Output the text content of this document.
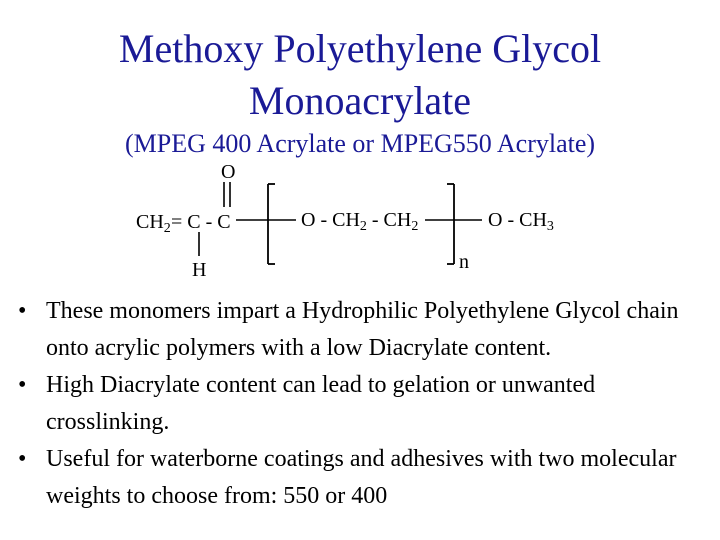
Methoxy Polyethylene Glycol
Monoacrylate
(MPEG 400 Acrylate or MPEG550 Acrylate)
O
$CH_2 = C - C$
H
O - $CH_2 - CH_2$
n
O - $CH_3$
• These monomers impart a Hydrophilic Polyethylene Glycol chain onto acrylic polymers with a low Diacrylate content.
• High Diacrylate content can lead to gelation or unwanted crosslinking.
• Useful for waterborne coatings and adhesives with two molecular weights to choose from: 550 or 400
